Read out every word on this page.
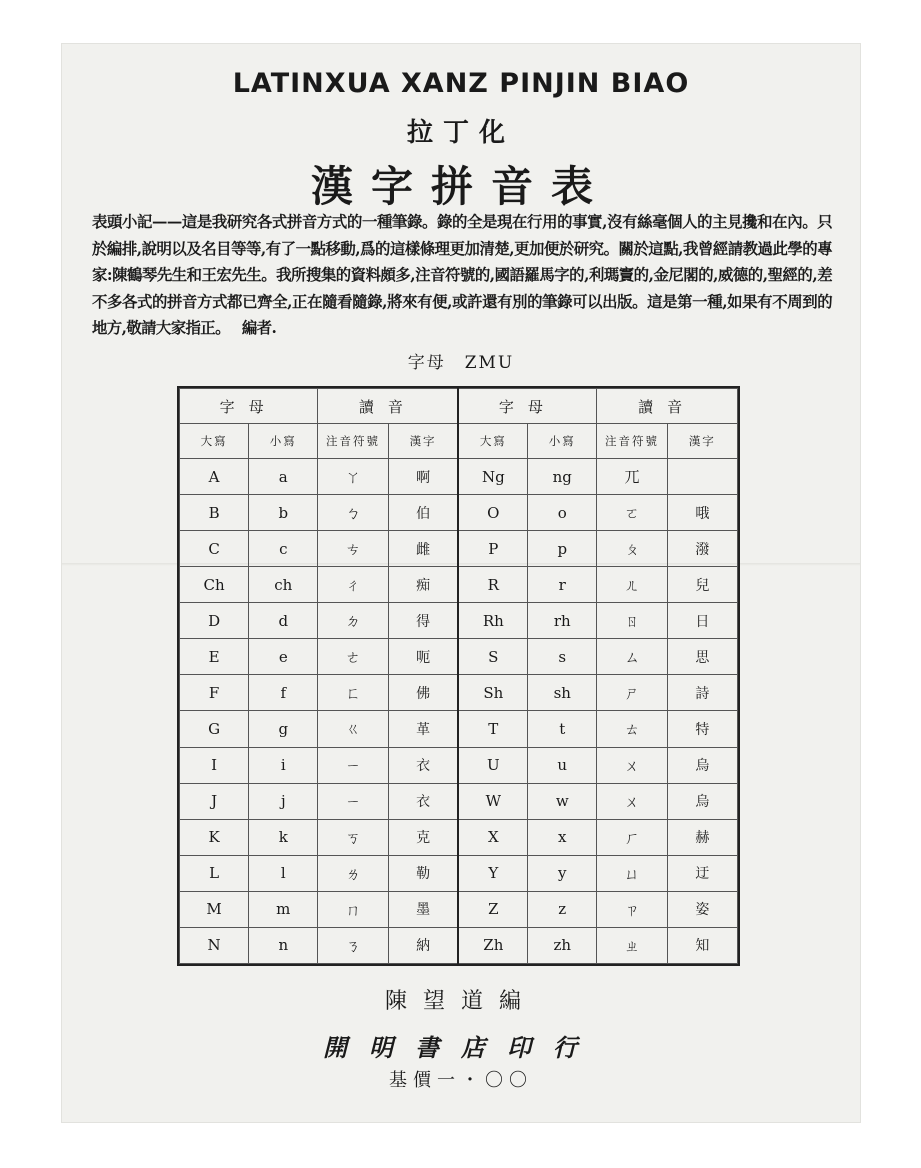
LATINXUA XANZ PINJIN BIAO
拉丁化
漢字拼音表
表頭小記——這是我研究各式拼音方式的一種筆錄。錄的全是現在行用的事實,沒有絲毫個人的主見攙和在內。只於編排,說明以及名目等等,有了一點移動,爲的這樣條理更加清楚,更加便於研究。關於這點,我曾經請教過此學的專家:陳鶴琴先生和王宏先生。我所搜集的資料頗多,注音符號的,國語羅馬字的,利瑪竇的,金尼閣的,威德的,聖經的,差不多各式的拼音方式都已齊全,正在隨看隨錄,將來有便,或許還有別的筆錄可以出版。這是第一種,如果有不周到的地方,敬請大家指正。 編者.
字母　ZMU
字母		讀音		字母		讀音	
大寫	小寫	注音符號	漢字	大寫	小寫	注音符號	漢字
A	a	ㄚ	啊	Ng	ng	兀	
B	b	ㄅ	伯	O	o	ㄛ	哦
C	c	ㄘ	雌	P	p	ㄆ	潑
Ch	ch	ㄔ	痴	R	r	ㄦ	兒
D	d	ㄉ	得	Rh	rh	ㄖ	日
E	e	ㄜ	呃	S	s	ㄙ	思
F	f	ㄈ	佛	Sh	sh	ㄕ	詩
G	g	ㄍ	革	T	t	ㄊ	特
I	i	ㄧ	衣	U	u	ㄨ	烏
J	j	ㄧ	衣	W	w	ㄨ	烏
K	k	ㄎ	克	X	x	ㄏ	赫
L	l	ㄌ	勒	Y	y	ㄩ	迂
M	m	ㄇ	墨	Z	z	ㄗ	姿
N	n	ㄋ	納	Zh	zh	ㄓ	知
陳望道編
開明書店印行
基價一・〇〇
